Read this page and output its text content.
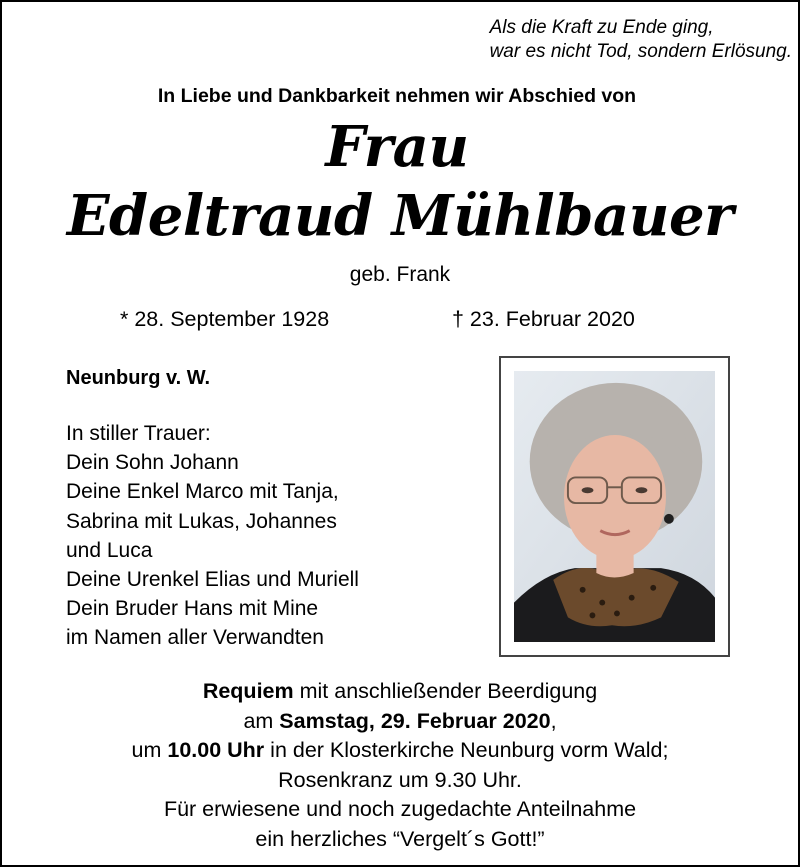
Als die Kraft zu Ende ging,
war es nicht Tod, sondern Erlösung.
In Liebe und Dankbarkeit nehmen wir Abschied von
Frau
Edeltraud Mühlbauer
geb. Frank
* 28. September 1928	† 23. Februar 2020
Neunburg v. W.
In stiller Trauer:
Dein Sohn Johann
Deine Enkel Marco mit Tanja,
Sabrina mit Lukas, Johannes
und Luca
Deine Urenkel Elias und Muriell
Dein Bruder Hans mit Mine
im Namen aller Verwandten
Requiem mit anschließender Beerdigung
am Samstag, 29. Februar 2020,
um 10.00 Uhr in der Klosterkirche Neunburg vorm Wald;
Rosenkranz um 9.30 Uhr.
Für erwiesene und noch zugedachte Anteilnahme
ein herzliches “Vergelt´s Gott!”
